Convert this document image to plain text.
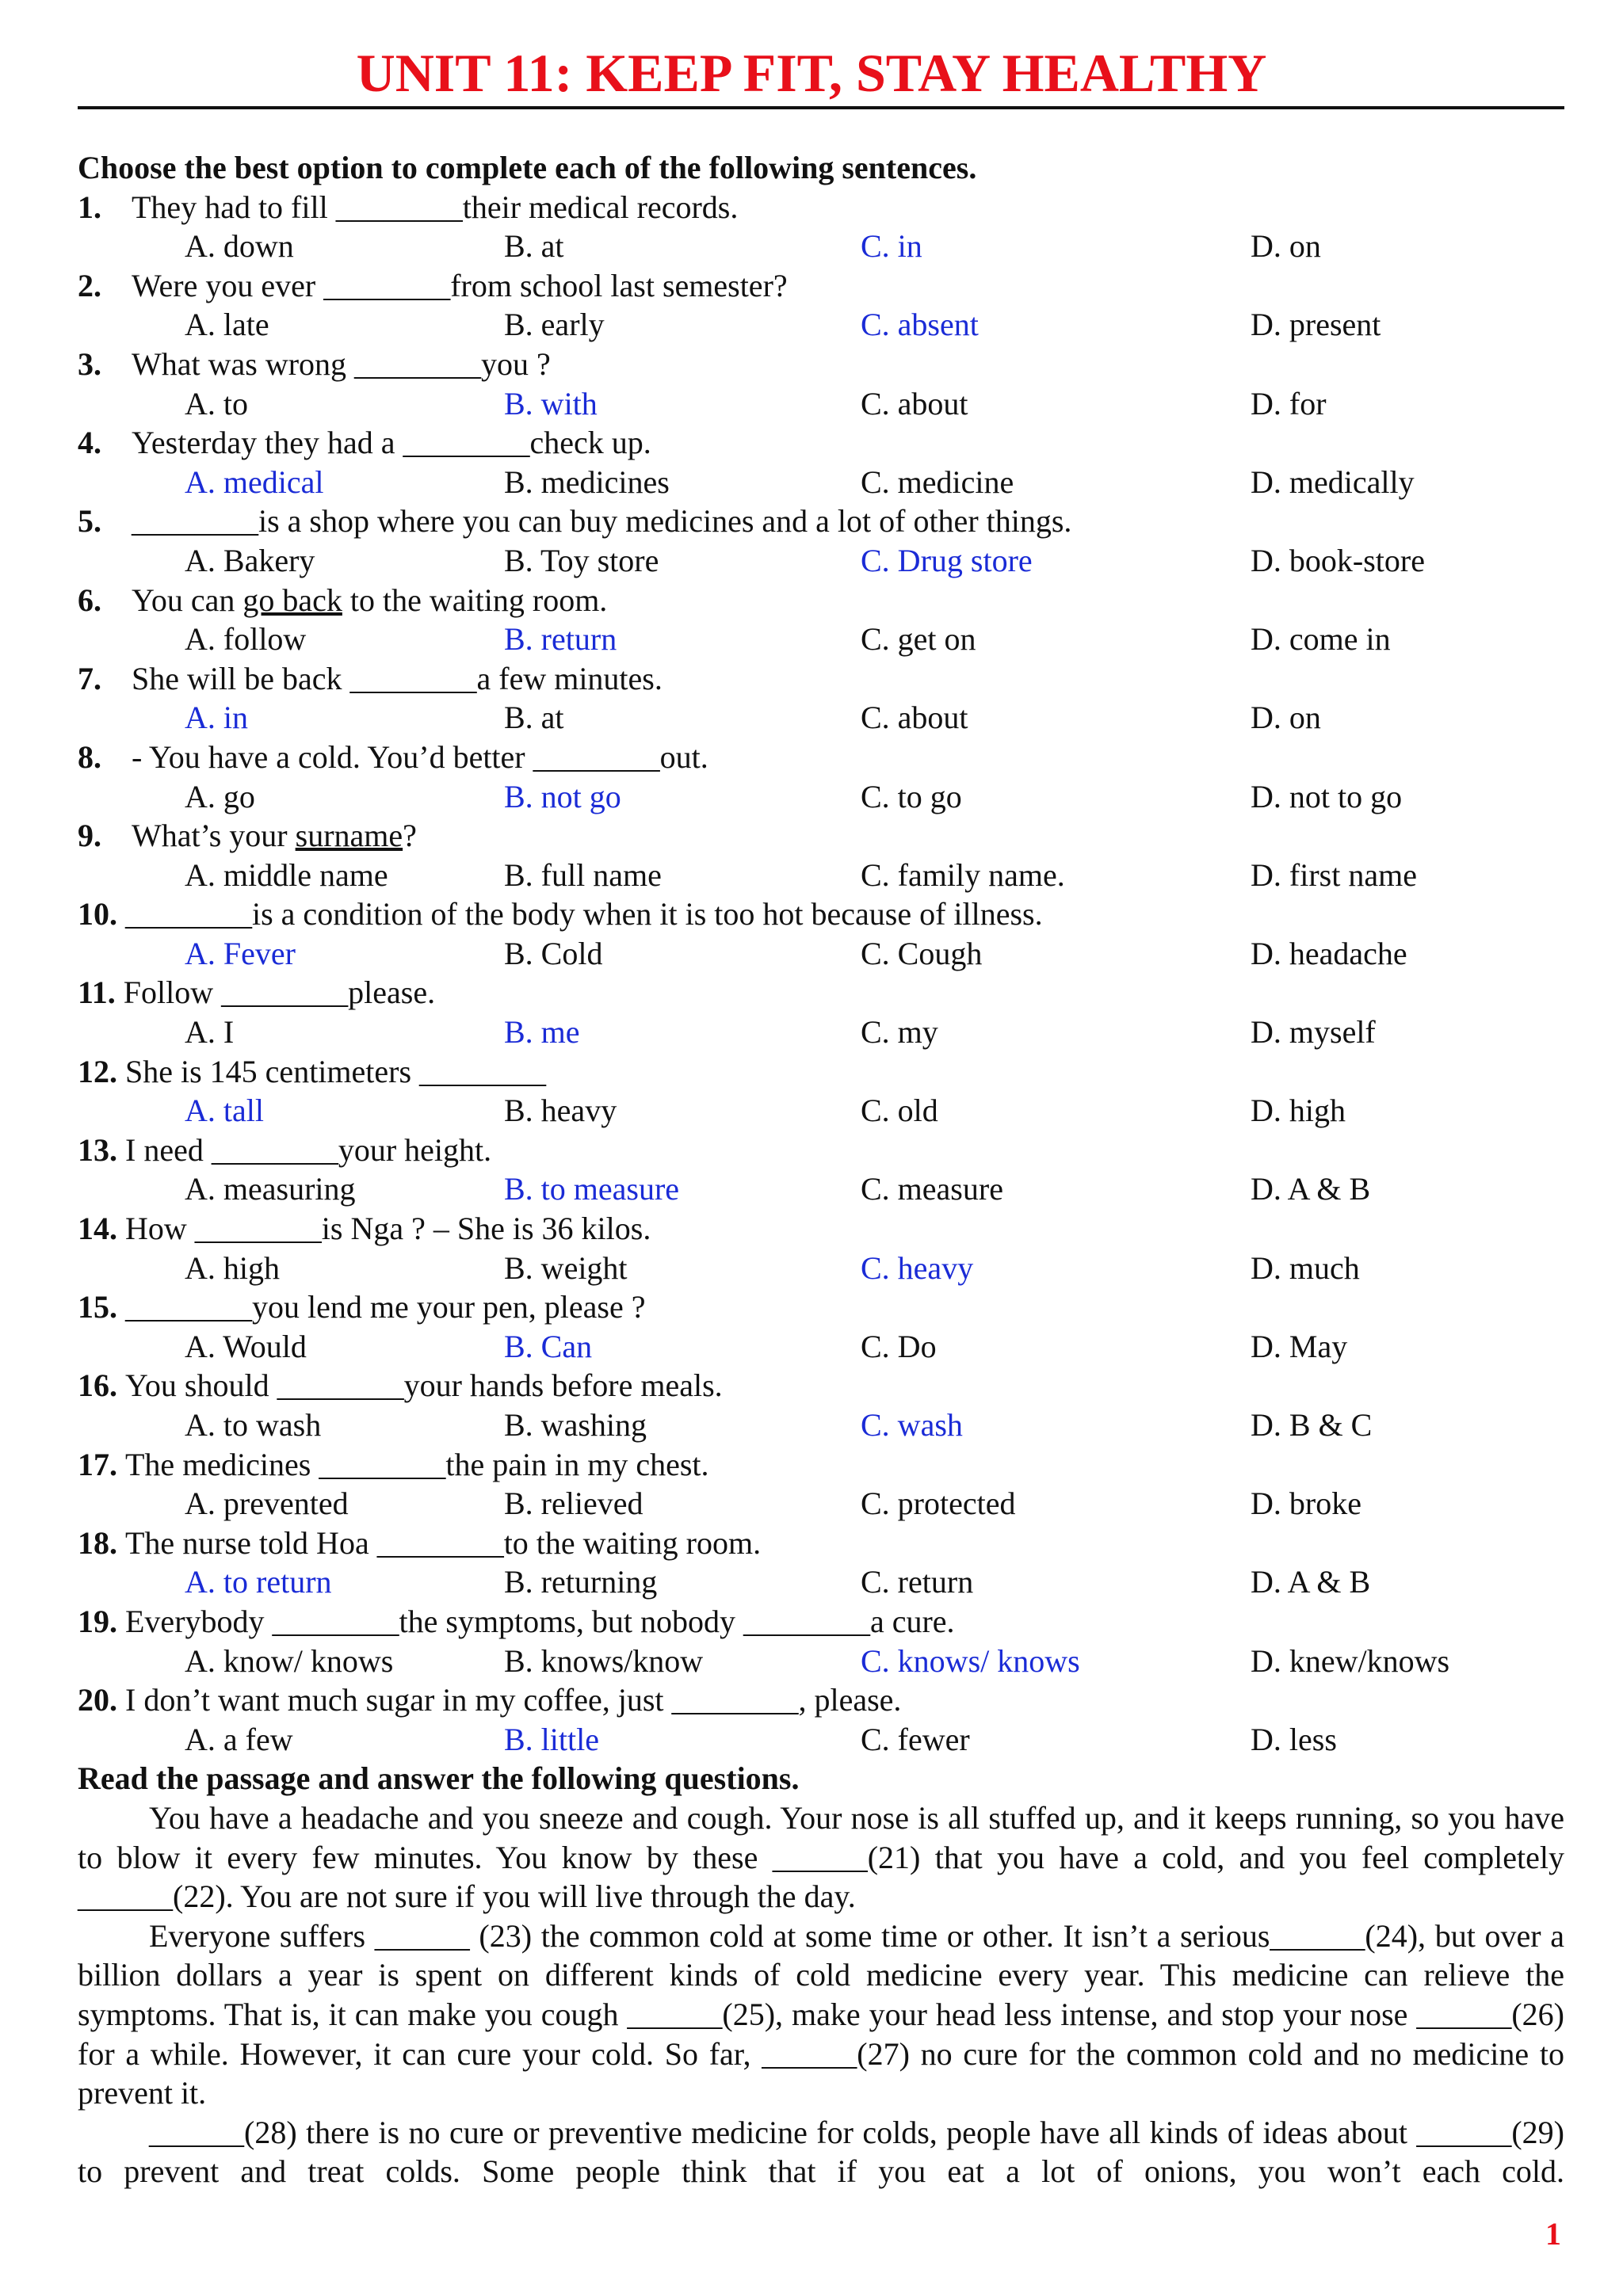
UNIT 11: KEEP FIT, STAY HEALTHY
Choose the best option to complete each of the following sentences.
1. They had to fill ________their medical records.
A. down	B. at	C. in	D. on
2. Were you ever ________from school last semester?
A. late	B. early	C. absent	D. present
3. What was wrong ________you ?
A. to	B. with	C. about	D. for
4. Yesterday they had a ________check up.
A. medical	B. medicines	C. medicine	D. medically
5. ________is a shop where you can buy medicines and a lot of other things.
A. Bakery	B. Toy store	C. Drug store	D. book-store
6. You can go back to the waiting room.
A. follow	B. return	C. get on	D. come in
7. She will be back ________a few minutes.
A. in	B. at	C. about	D. on
8. - You have a cold. You’d better ________out.
A. go	B. not go	C. to go	D. not to go
9. What’s your surname?
A. middle name	B. full name	C. family name.	D. first name
10. ________is a condition of the body when it is too hot because of illness.
A. Fever	B. Cold	C. Cough	D. headache
11. Follow ________please.
A. I	B. me	C. my	D. myself
12. She is 145 centimeters ________
A. tall	B. heavy	C. old	D. high
13. I need ________your height.
A. measuring	B. to measure	C. measure	D. A & B
14. How ________is Nga ? – She is 36 kilos.
A. high	B. weight	C. heavy	D. much
15. ________you lend me your pen, please ?
A. Would	B. Can	C. Do	D. May
16. You should ________your hands before meals.
A. to wash	B. washing	C. wash	D. B & C
17. The medicines ________the pain in my chest.
A. prevented	B. relieved	C. protected	D. broke
18. The nurse told Hoa ________to the waiting room.
A. to return	B. returning	C. return	D. A & B
19. Everybody ________the symptoms, but nobody ________a cure.
A. know/ knows	B. knows/know	C. knows/ knows	D. knew/knows
20. I don’t want much sugar in my coffee, just ________, please.
A. a few	B. little	C. fewer	D. less
Read the passage and answer the following questions.

You have a headache and you sneeze and cough. Your nose is all stuffed up, and it keeps running, so you have to blow it every few minutes. You know by these ______(21) that you have a cold, and you feel completely ______(22). You are not sure if you will live through the day.

Everyone suffers ______ (23) the common cold at some time or other. It isn’t a serious______(24), but over a billion dollars a year is spent on different kinds of cold medicine every year. This medicine can relieve the symptoms. That is, it can make you cough ______(25), make your head less intense, and stop your nose ______(26) for a while. However, it can cure your cold. So far, ______(27) no cure for the common cold and no medicine to prevent it.

______(28) there is no cure or preventive medicine for colds, people have all kinds of ideas about ______(29) to prevent and treat colds. Some people think that if you eat a lot of onions, you won’t each cold.

1
